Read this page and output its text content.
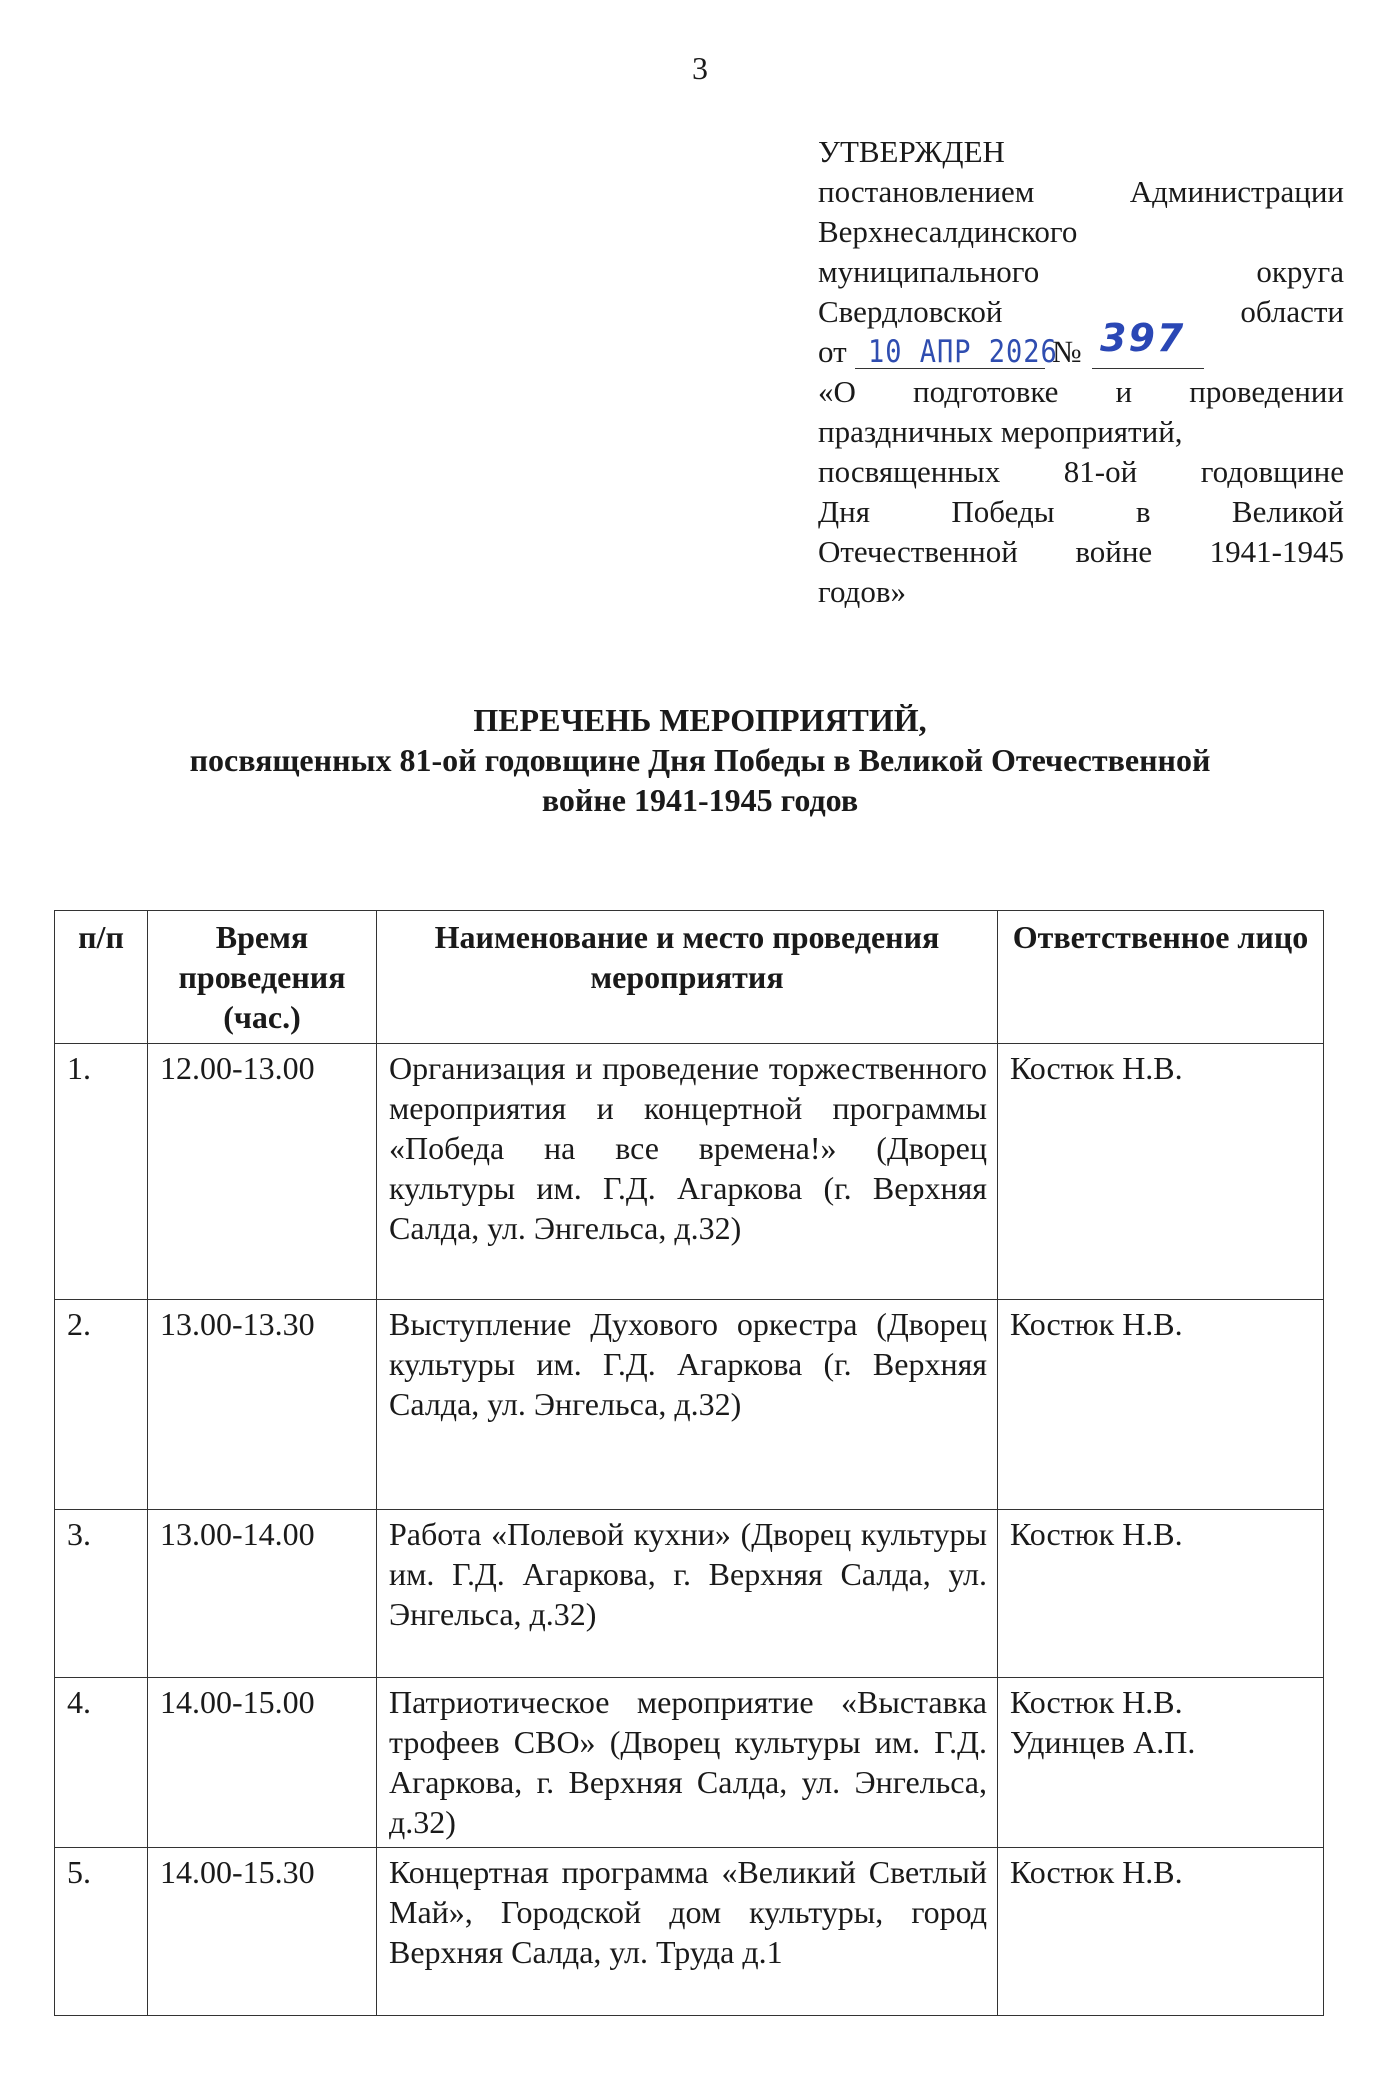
3
УТВЕРЖДЕН
постановлением Администрации
Верхнесалдинского
муниципального округа
Свердловской	области
от 10 АПР 2026
№ 397
«О подготовке и проведении
праздничных мероприятий,
посвященных 81-ой годовщине
Дня Победы в Великой
Отечественной войне 1941-1945
годов»
ПЕРЕЧЕНЬ МЕРОПРИЯТИЙ,
посвященных 81-ой годовщине Дня Победы в Великой Отечественной
войне 1941-1945 годов
п/п	Время проведения (час.)	Наименование и место проведения мероприятия	Ответственное лицо
1.	12.00-13.00	Организация и проведение торжественного мероприятия и концертной программы «Победа на все времена!» (Дворец культуры им. Г.Д. Агаркова (г. Верхняя Салда, ул. Энгельса, д.32)	Костюк Н.В.

2.	13.00-13.30	Выступление Духового оркестра (Дворец культуры им. Г.Д. Агаркова (г. Верхняя Салда, ул. Энгельса, д.32)	Костюк Н.В.

3.	13.00-14.00	Работа «Полевой кухни» (Дворец культуры им. Г.Д. Агаркова, г. Верхняя Салда, ул. Энгельса, д.32)	Костюк Н.В.

4.	14.00-15.00	Патриотическое мероприятие «Выставка трофеев СВО» (Дворец культуры им. Г.Д. Агаркова, г. Верхняя Салда, ул. Энгельса, д.32)	Костюк Н.В.
Удинцев А.П.

5.	14.00-15.30	Концертная программа «Великий Светлый Май», Городской дом культуры, город Верхняя Салда, ул. Труда д.1	Костюк Н.В.
